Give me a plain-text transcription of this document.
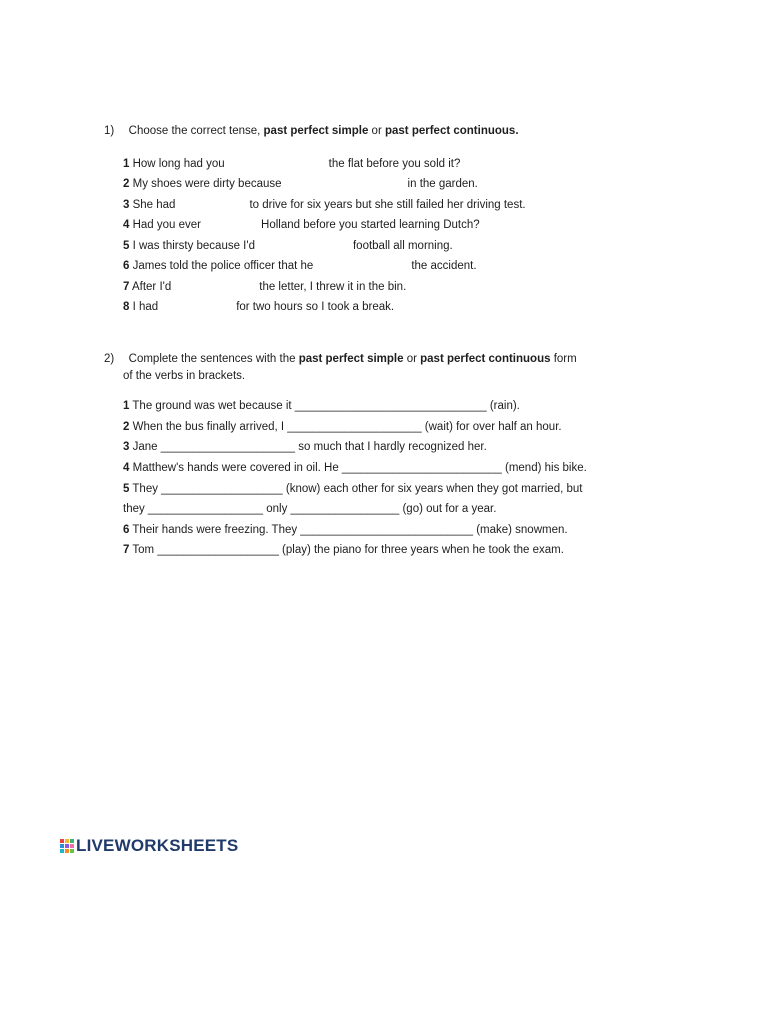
1) Choose the correct tense, past perfect simple or past perfect continuous.
1 How long had you	the flat before you sold it?
2 My shoes were dirty because	in the garden.
3 She had	to drive for six years but she still failed her driving test.
4 Had you ever	Holland before you started learning Dutch?
5 I was thirsty because I'd	football all morning.
6 James told the police officer that he	the accident.
7 After I'd	the letter, I threw it in the bin.
8 I had	for two hours so I took a break.
2) Complete the sentences with the past perfect simple or past perfect continuous form
of the verbs in brackets.
1 The ground was wet because it ______________________________ (rain).
2 When the bus finally arrived, I _____________________ (wait) for over half an hour.
3 Jane _____________________ so much that I hardly recognized her.
4 Matthew's hands were covered in oil. He _________________________ (mend) his bike.
5 They ___________________ (know) each other for six years when they got married, but
they __________________ only _________________ (go) out for a year.
6 Their hands were freezing. They ___________________________ (make) snowmen.
7 Tom ___________________ (play) the piano for three years when he took the exam.
LIVEWORKSHEETS
